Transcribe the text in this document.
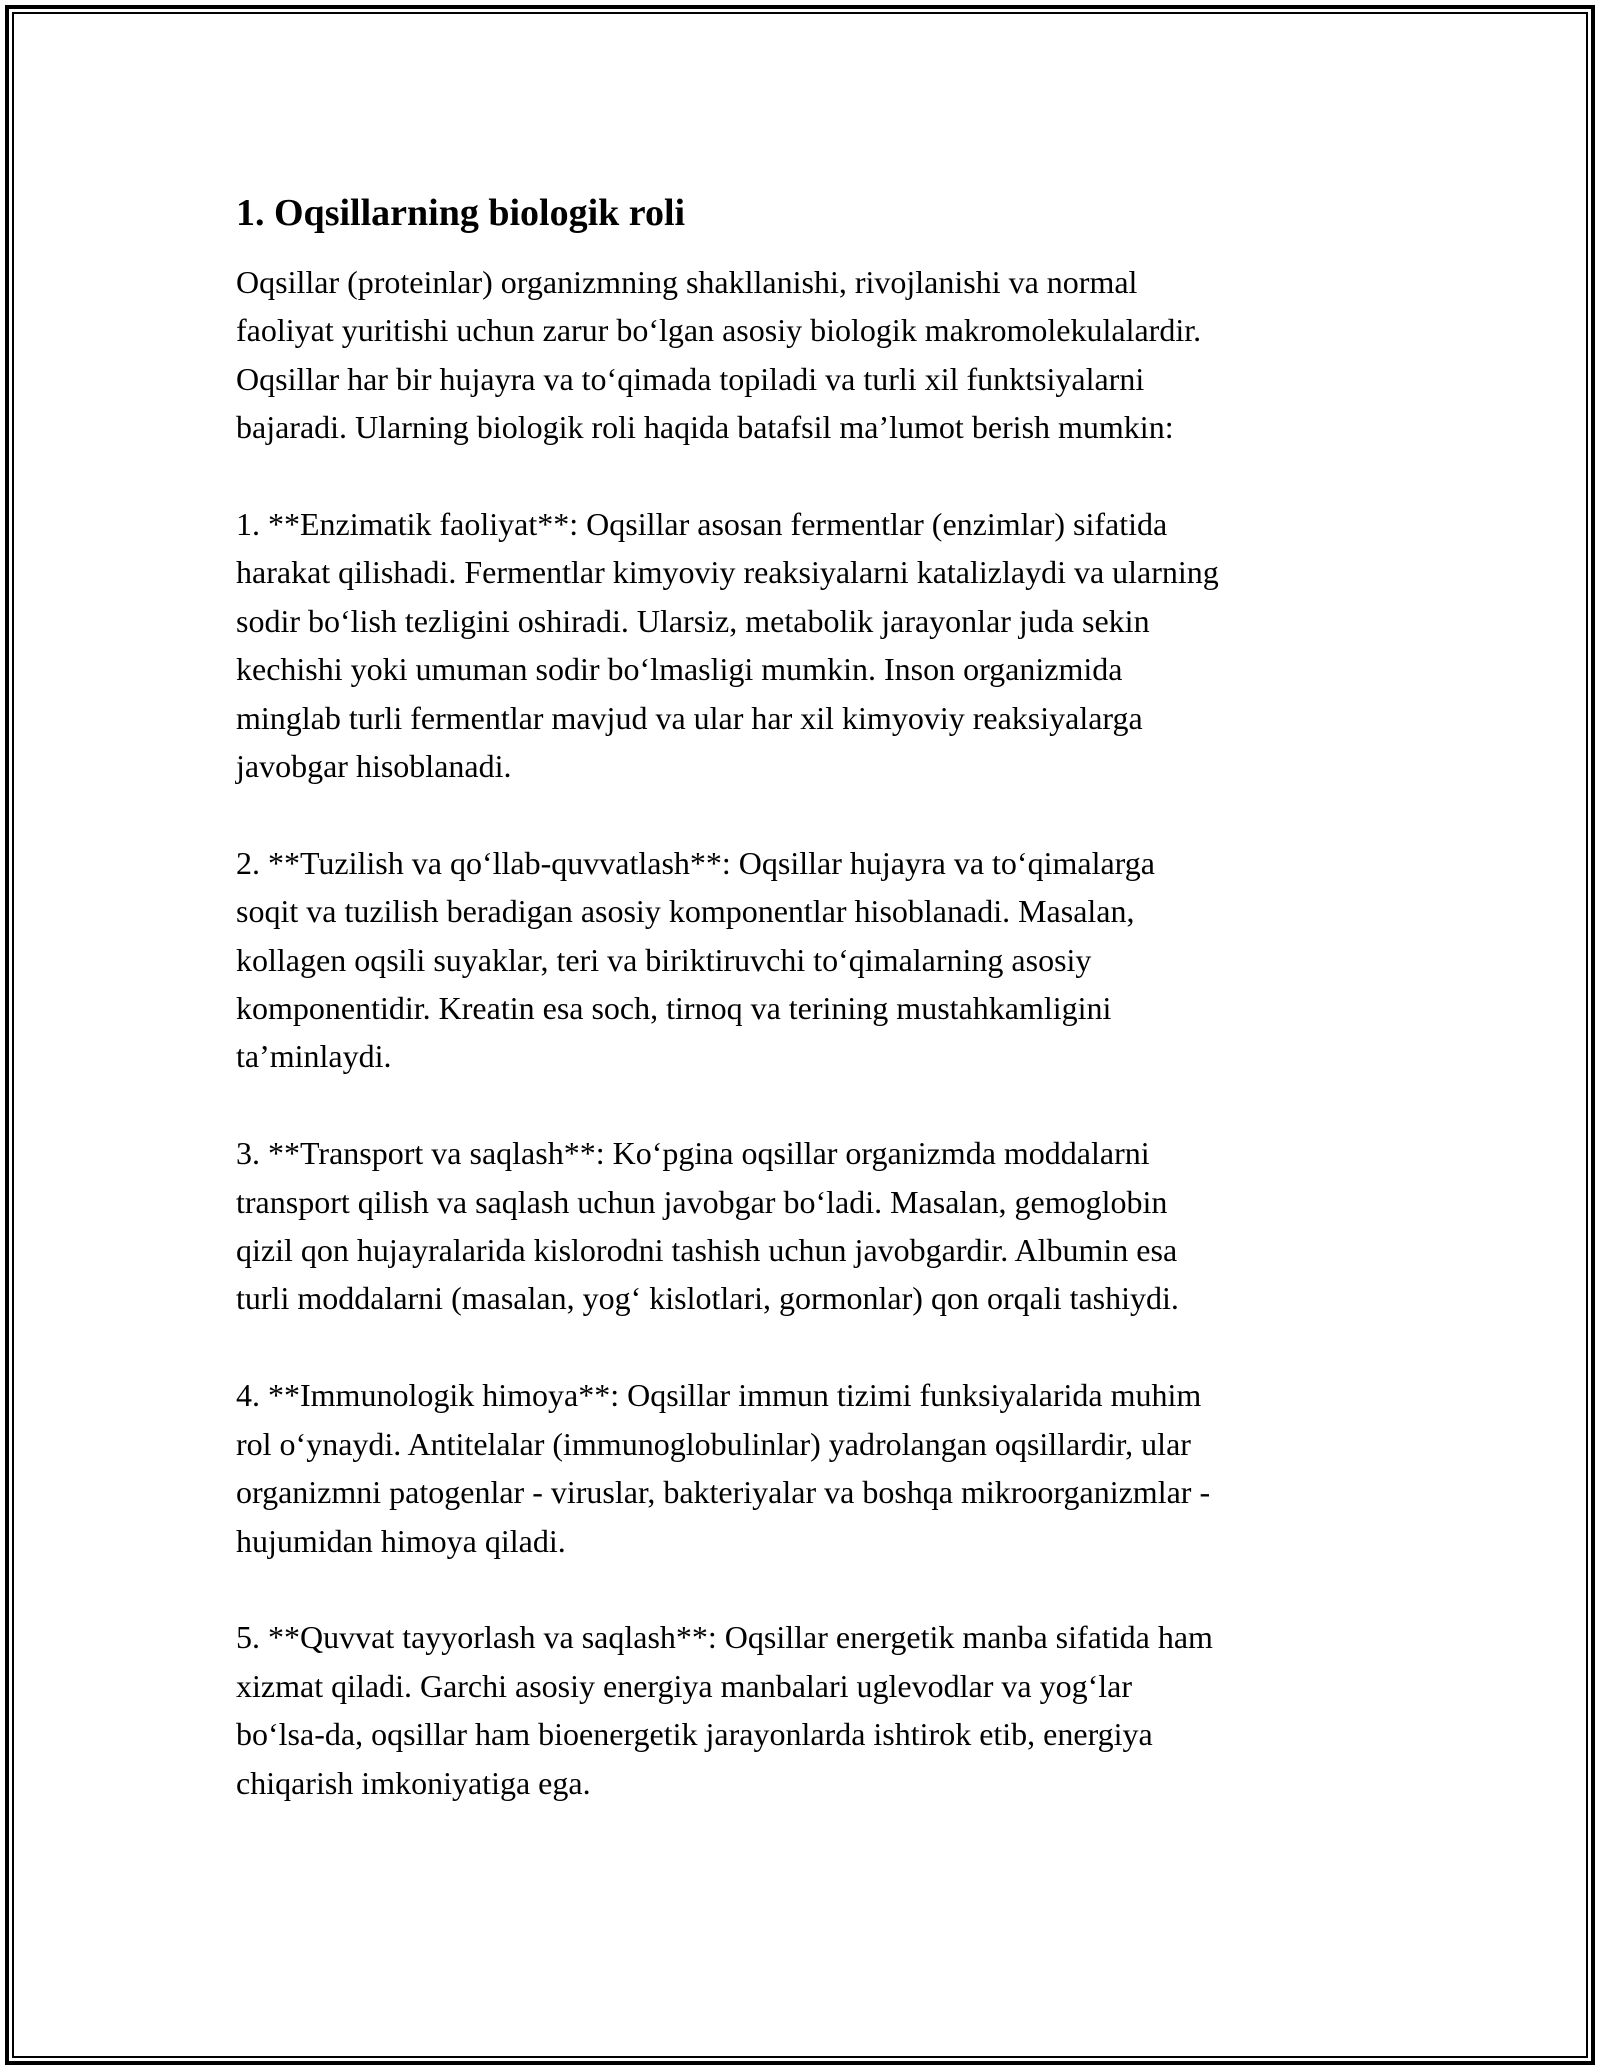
1. Oqsillarning biologik roli

Oqsillar (proteinlar) organizmning shakllanishi, rivojlanishi va normal
faoliyat yuritishi uchun zarur bo‘lgan asosiy biologik makromolekulalardir.
Oqsillar har bir hujayra va to‘qimada topiladi va turli xil funktsiyalarni
bajaradi. Ularning biologik roli haqida batafsil ma’lumot berish mumkin:

1. **Enzimatik faoliyat**: Oqsillar asosan fermentlar (enzimlar) sifatida
harakat qilishadi. Fermentlar kimyoviy reaksiyalarni katalizlaydi va ularning
sodir bo‘lish tezligini oshiradi. Ularsiz, metabolik jarayonlar juda sekin
kechishi yoki umuman sodir bo‘lmasligi mumkin. Inson organizmida
minglab turli fermentlar mavjud va ular har xil kimyoviy reaksiyalarga
javobgar hisoblanadi.

2. **Tuzilish va qo‘llab-quvvatlash**: Oqsillar hujayra va to‘qimalarga
soqit va tuzilish beradigan asosiy komponentlar hisoblanadi. Masalan,
kollagen oqsili suyaklar, teri va biriktiruvchi to‘qimalarning asosiy
komponentidir. Kreatin esa soch, tirnoq va terining mustahkamligini
ta’minlaydi.

3. **Transport va saqlash**: Ko‘pgina oqsillar organizmda moddalarni
transport qilish va saqlash uchun javobgar bo‘ladi. Masalan, gemoglobin
qizil qon hujayralarida kislorodni tashish uchun javobgardir. Albumin esa
turli moddalarni (masalan, yog‘ kislotlari, gormonlar) qon orqali tashiydi.

4. **Immunologik himoya**: Oqsillar immun tizimi funksiyalarida muhim
rol o‘ynaydi. Antitelalar (immunoglobulinlar) yadrolangan oqsillardir, ular
organizmni patogenlar - viruslar, bakteriyalar va boshqa mikroorganizmlar -
hujumidan himoya qiladi.

5. **Quvvat tayyorlash va saqlash**: Oqsillar energetik manba sifatida ham
xizmat qiladi. Garchi asosiy energiya manbalari uglevodlar va yog‘lar
bo‘lsa-da, oqsillar ham bioenergetik jarayonlarda ishtirok etib, energiya
chiqarish imkoniyatiga ega.
